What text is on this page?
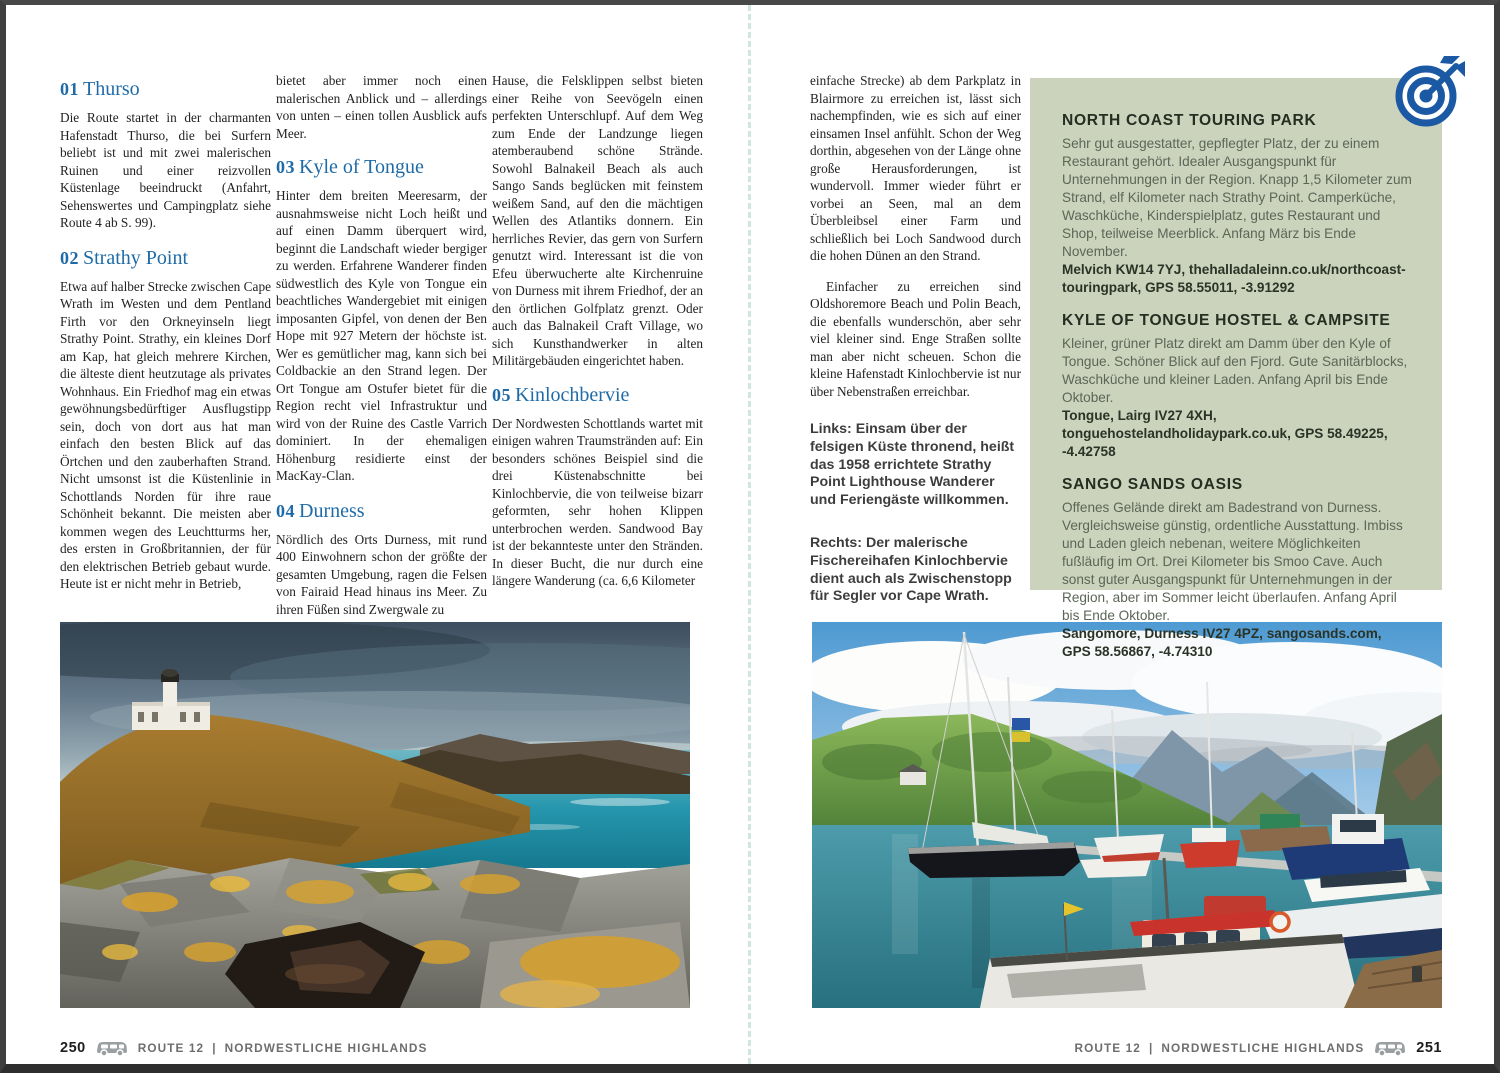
01 Thurso

Die Route startet in der charmanten Hafenstadt Thurso, die bei Surfern beliebt ist und mit zwei malerischen Ruinen und einer reizvollen Küstenlage beeindruckt (Anfahrt, Sehenswertes und Campingplatz siehe Route 4 ab S. 99).

02 Strathy Point

Etwa auf halber Strecke zwischen Cape Wrath im Westen und dem Pentland Firth vor den Orkneyinseln liegt Strathy Point. Strathy, ein kleines Dorf am Kap, hat gleich mehrere Kirchen, die älteste dient heutzutage als privates Wohnhaus. Ein Friedhof mag ein etwas gewöhnungsbedürftiger Ausflugstipp sein, doch von dort aus hat man einfach den besten Blick auf das Örtchen und den zauberhaften Strand. Nicht umsonst ist die Küstenlinie in Schottlands Norden für ihre raue Schönheit bekannt. Die meisten aber kommen wegen des Leuchtturms her, des ersten in Großbritannien, der für den elektrischen Betrieb gebaut wurde. Heute ist er nicht mehr in Betrieb,

bietet aber immer noch einen malerischen Anblick und – allerdings von unten – einen tollen Ausblick aufs Meer.

03 Kyle of Tongue

Hinter dem breiten Meeresarm, der ausnahmsweise nicht Loch heißt und auf einen Damm überquert wird, beginnt die Landschaft wieder bergiger zu werden. Erfahrene Wanderer finden südwestlich des Kyle von Tongue ein beachtliches Wandergebiet mit einigen imposanten Gipfel, von denen der Ben Hope mit 927 Metern der höchste ist. Wer es gemütlicher mag, kann sich bei Coldbackie an den Strand legen. Der Ort Tongue am Ostufer bietet für die Region recht viel Infrastruktur und wird von der Ruine des Castle Varrich dominiert. In der ehemaligen Höhenburg residierte einst der MacKay-Clan.

04 Durness

Nördlich des Orts Durness, mit rund 400 Einwohnern schon der größte der gesamten Umgebung, ragen die Felsen von Fairaid Head hinaus ins Meer. Zu ihren Füßen sind Zwergwale zu

Hause, die Felsklippen selbst bieten einer Reihe von Seevögeln einen perfekten Unterschlupf. Auf dem Weg zum Ende der Landzunge liegen atemberaubend schöne Strände. Sowohl Balnakeil Beach als auch Sango Sands beglücken mit feinstem weißem Sand, auf den die mächtigen Wellen des Atlantiks donnern. Ein herrliches Revier, das gern von Surfern genutzt wird. Interessant ist die von Efeu überwucherte alte Kirchenruine von Durness mit ihrem Friedhof, der an den örtlichen Golfplatz grenzt. Oder auch das Balnakeil Craft Village, wo sich Kunsthandwerker in alten Militärgebäuden eingerichtet haben.

05 Kinlochbervie

Der Nordwesten Schottlands wartet mit einigen wahren Traumstränden auf: Ein besonders schönes Beispiel sind die drei Küstenabschnitte bei Kinlochbervie, die von teilweise bizarr geformten, sehr hohen Klippen unterbrochen werden. Sandwood Bay ist der bekannteste unter den Stränden. In dieser Bucht, die nur durch eine längere Wanderung (ca. 6,6 Kilometer

einfache Strecke) ab dem Parkplatz in Blairmore zu erreichen ist, lässt sich nachempfinden, wie es sich auf einer einsamen Insel anfühlt. Schon der Weg dorthin, abgesehen von der Länge ohne große Herausforderungen, ist wundervoll. Immer wieder führt er vorbei an Seen, mal an dem Überbleibsel einer Farm und schließlich bei Loch Sandwood durch die hohen Dünen an den Strand.

Einfacher zu erreichen sind Oldshoremore Beach und Polin Beach, die ebenfalls wunderschön, aber sehr viel kleiner sind. Enge Straßen sollte man aber nicht scheuen. Schon die kleine Hafenstadt Kinlochbervie ist nur über Nebenstraßen erreichbar.

Links: Einsam über der felsigen Küste thronend, heißt das 1958 errichtete Strathy Point Lighthouse Wanderer und Feriengäste willkommen.

Rechts: Der malerische Fischereihafen Kinlochbervie dient auch als Zwischenstopp für Segler vor Cape Wrath.

NORTH COAST TOURING PARK

Sehr gut ausgestatter, gepflegter Platz, der zu einem Restaurant gehört. Idealer Ausgangspunkt für Unternehmungen in der Region. Knapp 1,5 Kilometer zum Strand, elf Kilometer nach Strathy Point. Camperküche, Waschküche, Kinderspielplatz, gutes Restaurant und Shop, teilweise Meerblick. Anfang März bis Ende November.

Melvich KW14 7YJ, thehalladaleinn.co.uk/northcoast-touringpark, GPS 58.55011, -3.91292

KYLE OF TONGUE HOSTEL & CAMPSITE

Kleiner, grüner Platz direkt am Damm über den Kyle of Tongue. Schöner Blick auf den Fjord. Gute Sanitärblocks, Waschküche und kleiner Laden. Anfang April bis Ende Oktober.

Tongue, Lairg IV27 4XH, tonguehostelandholidaypark.co.uk, GPS 58.49225, -4.42758

SANGO SANDS OASIS

Offenes Gelände direkt am Badestrand von Durness. Vergleichsweise günstig, ordentliche Ausstattung. Imbiss und Laden gleich nebenan, weitere Möglichkeiten fußläufig im Ort. Drei Kilometer bis Smoo Cave. Auch sonst guter Ausgangspunkt für Unternehmungen in der Region, aber im Sommer leicht überlaufen. Anfang April bis Ende Oktober.

Sangomore, Durness IV27 4PZ, sangosands.com, GPS 58.56867, -4.74310

250	ROUTE 12 | NORDWESTLICHE HIGHLANDS	ROUTE 12 | NORDWESTLICHE HIGHLANDS	251
